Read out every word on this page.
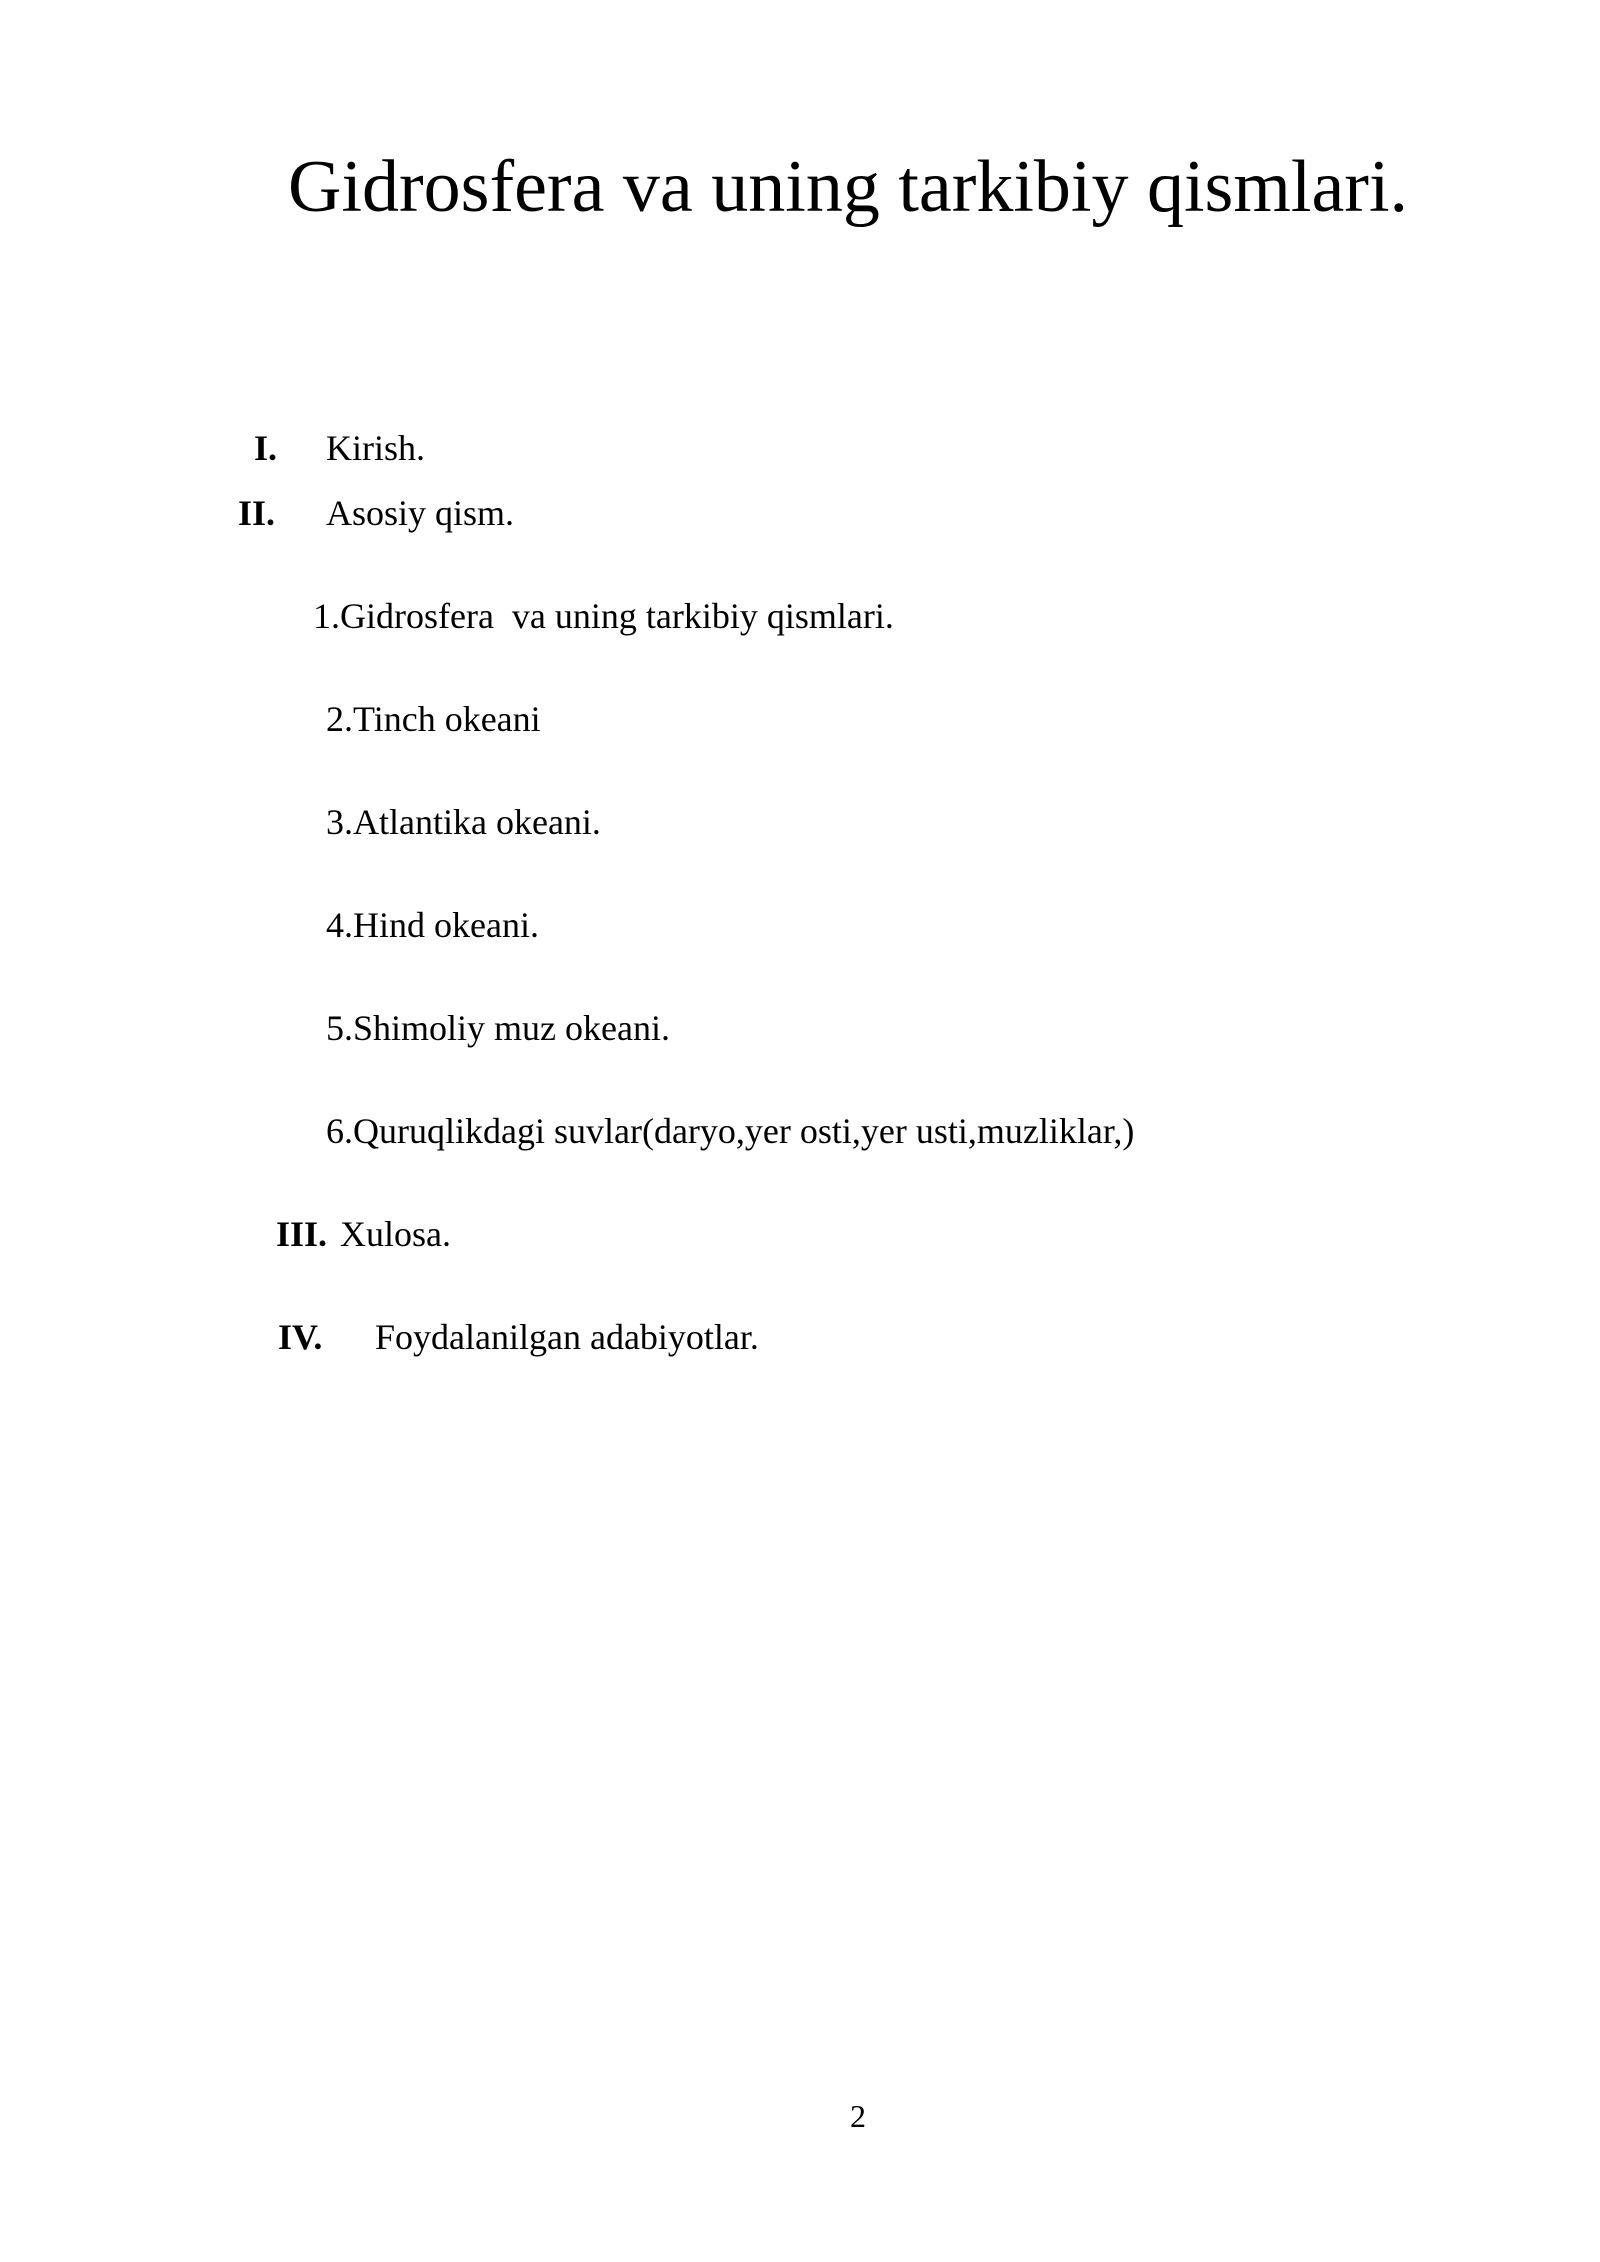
Gidrosfera va uning tarkibiy qismlari.
I. Kirish.
II. Asosiy qism.
1.Gidrosfera  va uning tarkibiy qismlari.
2.Tinch okeani
3.Atlantika okeani.
4.Hind okeani.
5.Shimoliy muz okeani.
6.Quruqlikdagi suvlar(daryo,yer osti,yer usti,muzliklar,)
III. Xulosa.
IV. Foydalanilgan adabiyotlar.
2
